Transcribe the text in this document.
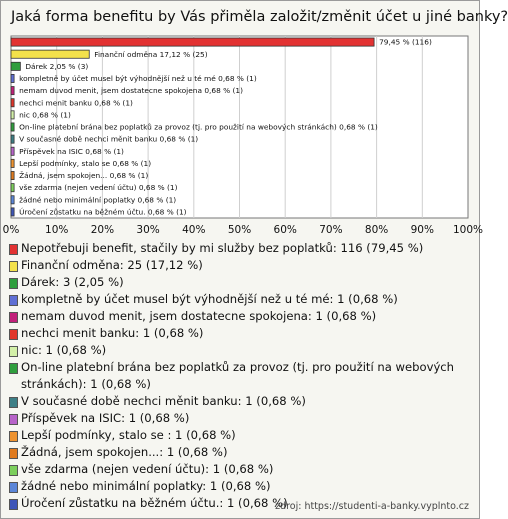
Jaká forma benefitu by Vás přiměla založit/změnit účet u jiné banky?
0% 10% 20% 30% 40% 50% 60% 70% 80% 90% 100%
79,45 % (116)
Finanční odměna 17,12 % (25)
Dárek 2,05 % (3)
kompletně by účet musel být výhodnější než u té mé 0,68 % (1)
nemam duvod menit, jsem dostatecne spokojena 0,68 % (1)
nechci menit banku 0,68 % (1)
nic 0,68 % (1)
On-line platební brána bez poplatků za provoz (tj. pro použití na webových stránkách) 0,68 % (1)
V současné době nechci měnit banku 0,68 % (1)
Příspěvek na ISIC 0,68 % (1)
Lepší podmínky, stalo se 0,68 % (1)
Žádná, jsem spokojen... 0,68 % (1)
vše zdarma (nejen vedení účtu) 0,68 % (1)
žádné nebo minimální poplatky 0,68 % (1)
Úročení zůstatku na běžném účtu. 0,68 % (1)
Nepotřebuji benefit, stačily by mi služby bez poplatků: 116 (79,45 %)
Finanční odměna: 25 (17,12 %)
Dárek: 3 (2,05 %)
kompletně by účet musel být výhodnější než u té mé: 1 (0,68 %)
nemam duvod menit, jsem dostatecne spokojena: 1 (0,68 %)
nechci menit banku: 1 (0,68 %)
nic: 1 (0,68 %)
On-line platební brána bez poplatků za provoz (tj. pro použití na webových stránkách): 1 (0,68 %)
V současné době nechci měnit banku: 1 (0,68 %)
Příspěvek na ISIC: 1 (0,68 %)
Lepší podmínky, stalo se : 1 (0,68 %)
Žádná, jsem spokojen...: 1 (0,68 %)
vše zdarma (nejen vedení účtu): 1 (0,68 %)
žádné nebo minimální poplatky: 1 (0,68 %)
Úročení zůstatku na běžném účtu.: 1 (0,68 %)
zdroj: https://studenti-a-banky.vyplnto.cz
